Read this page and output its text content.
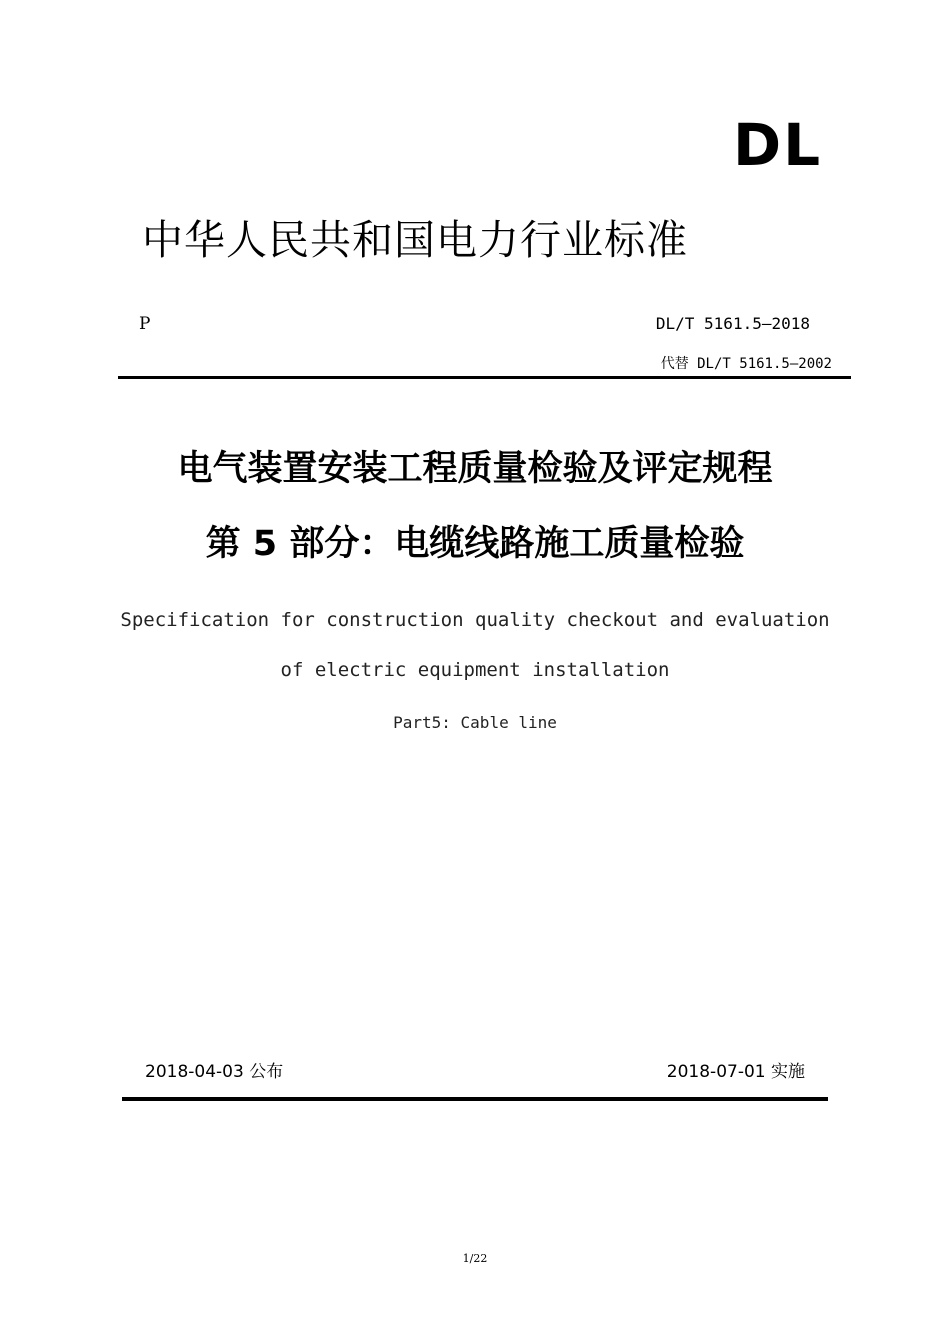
DL
中华人民共和国电力行业标准
P	DL/T 5161.5—2018
代替 DL/T 5161.5—2002
电气装置安装工程质量检验及评定规程
第 5 部分：电缆线路施工质量检验
Specification for construction quality checkout and evaluation
of electric equipment installation
Part5: Cable line
2018-04-03 公布	2018-07-01 实施
1/22
